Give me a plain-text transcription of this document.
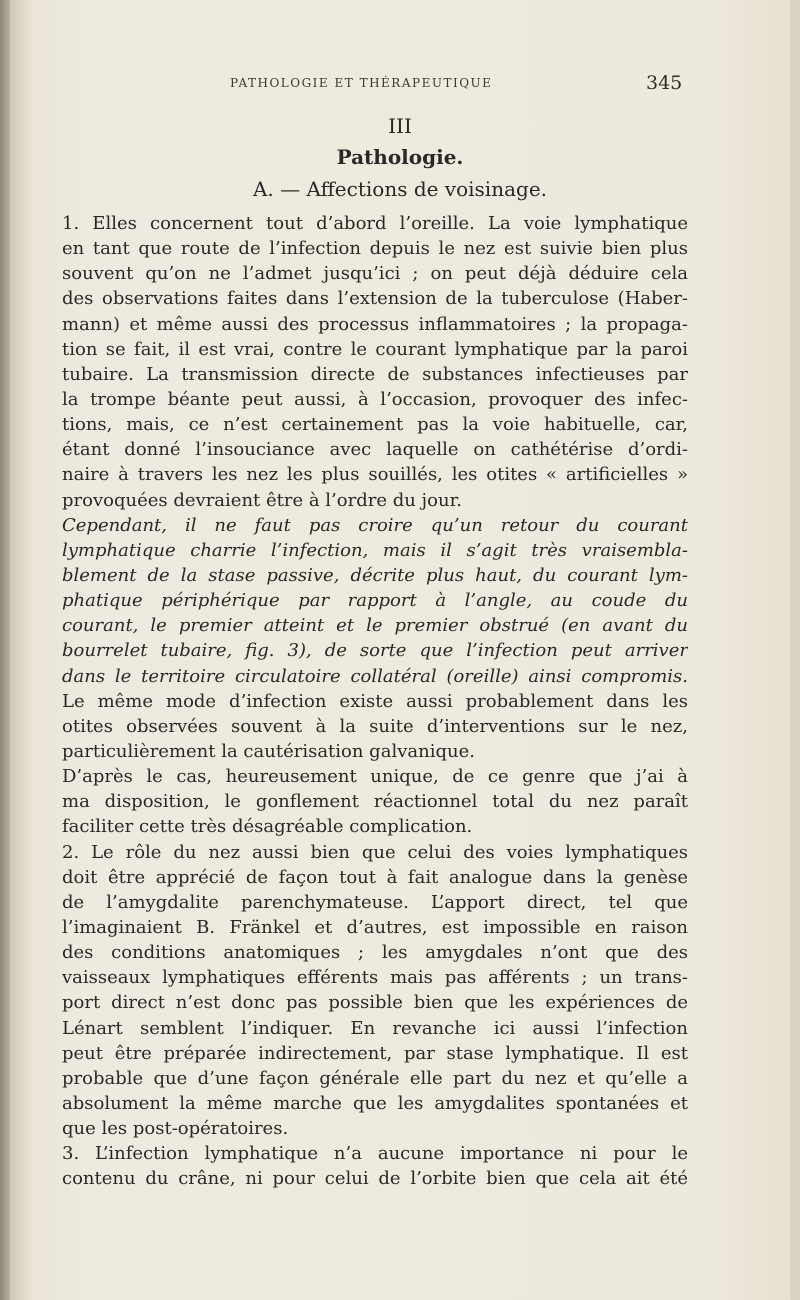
PATHOLOGIE ET THÉRAPEUTIQUE	345
III
Pathologie.
A. — Affections de voisinage.
1. Elles concernent tout d’abord l’oreille. La voie lymphatique
en tant que route de l’infection depuis le nez est suivie bien plus
souvent qu’on ne l’admet jusqu’ici ; on peut déjà déduire cela
des observations faites dans l’extension de la tuberculose (Haber-
mann) et même aussi des processus inflammatoires ; la propaga-
tion se fait, il est vrai, contre le courant lymphatique par la paroi
tubaire. La transmission directe de substances infectieuses par
la trompe béante peut aussi, à l’occasion, provoquer des infec-
tions, mais, ce n’est certainement pas la voie habituelle, car,
étant donné l’insouciance avec laquelle on cathétérise d’ordi-
naire à travers les nez les plus souillés, les otites « artificielles »
provoquées devraient être à l’ordre du jour.
Cependant, il ne faut pas croire qu’un retour du courant
lymphatique charrie l’infection, mais il s’agit très vraisembla-
blement de la stase passive, décrite plus haut, du courant lym-
phatique périphérique par rapport à l’angle, au coude du
courant, le premier atteint et le premier obstrué (en avant du
bourrelet tubaire, fig. 3), de sorte que l’infection peut arriver
dans le territoire circulatoire collatéral (oreille) ainsi compromis.
Le même mode d’infection existe aussi probablement dans les
otites observées souvent à la suite d’interventions sur le nez,
particulièrement la cautérisation galvanique.
D’après le cas, heureusement unique, de ce genre que j’ai à
ma disposition, le gonflement réactionnel total du nez paraît
faciliter cette très désagréable complication.
2. Le rôle du nez aussi bien que celui des voies lymphatiques
doit être apprécié de façon tout à fait analogue dans la genèse
de l’amygdalite parenchymateuse. L’apport direct, tel que
l’imaginaient B. Fränkel et d’autres, est impossible en raison
des conditions anatomiques ; les amygdales n’ont que des
vaisseaux lymphatiques efférents mais pas afférents ; un trans-
port direct n’est donc pas possible bien que les expériences de
Lénart semblent l’indiquer. En revanche ici aussi l’infection
peut être préparée indirectement, par stase lymphatique. Il est
probable que d’une façon générale elle part du nez et qu’elle a
absolument la même marche que les amygdalites spontanées et
que les post-opératoires.
3. L’infection lymphatique n’a aucune importance ni pour le
contenu du crâne, ni pour celui de l’orbite bien que cela ait été
